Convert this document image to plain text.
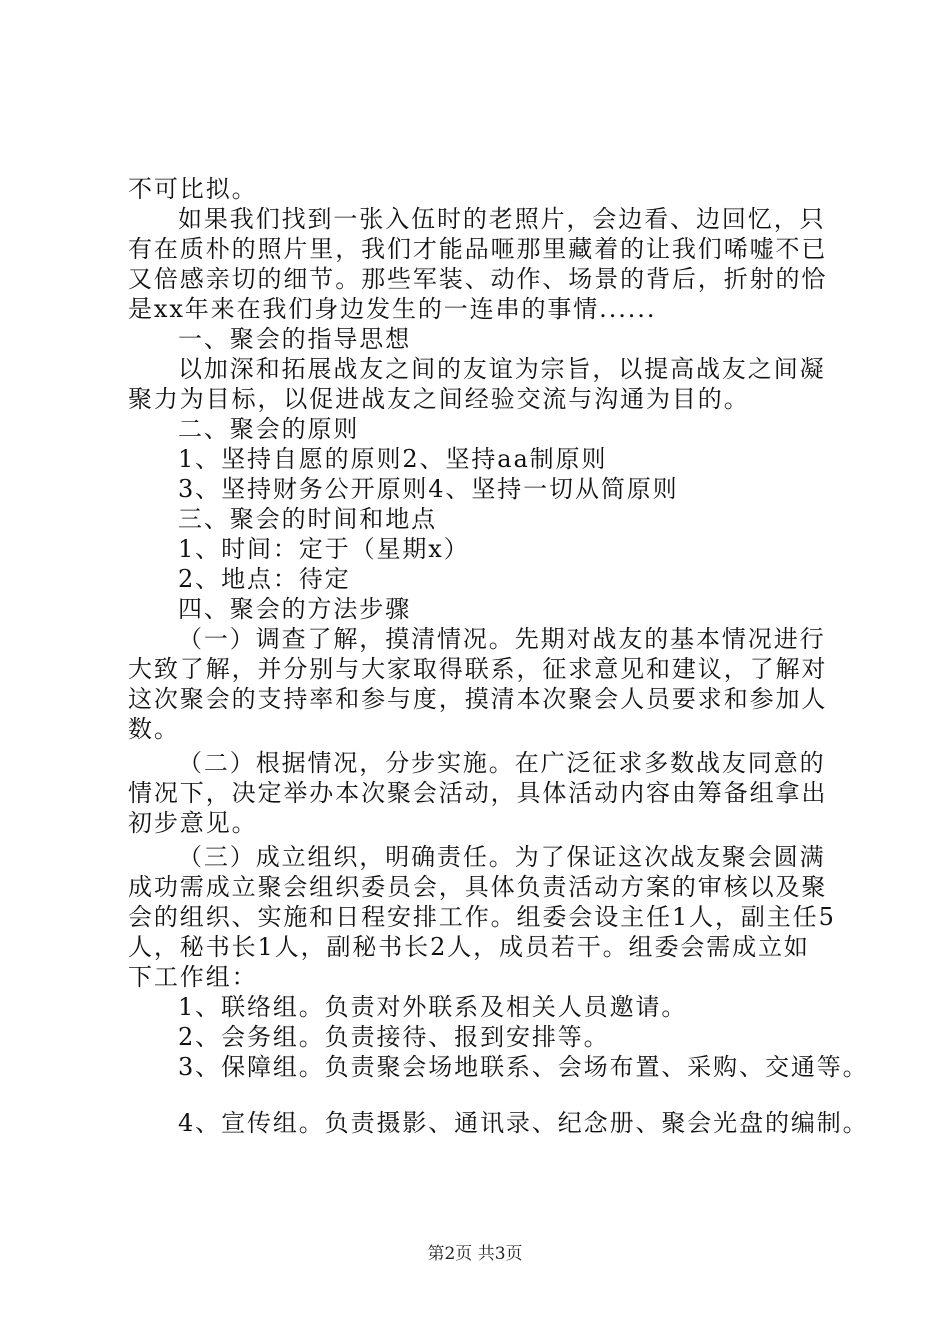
不可比拟。
如果我们找到一张入伍时的老照片，会边看、边回忆，只
有在质朴的照片里，我们才能品咂那里藏着的让我们唏嘘不已
又倍感亲切的细节。那些军装、动作、场景的背后，折射的恰
是xx年来在我们身边发生的一连串的事情......
一、聚会的指导思想
以加深和拓展战友之间的友谊为宗旨，以提高战友之间凝
聚力为目标，以促进战友之间经验交流与沟通为目的。
二、聚会的原则
1、坚持自愿的原则2、坚持aa制原则
3、坚持财务公开原则4、坚持一切从简原则
三、聚会的时间和地点
1、时间：定于（星期x）
2、地点：待定
四、聚会的方法步骤
（一）调查了解，摸清情况。先期对战友的基本情况进行
大致了解，并分别与大家取得联系，征求意见和建议，了解对
这次聚会的支持率和参与度，摸清本次聚会人员要求和参加人
数。
（二）根据情况，分步实施。在广泛征求多数战友同意的
情况下，决定举办本次聚会活动，具体活动内容由筹备组拿出
初步意见。
（三）成立组织，明确责任。为了保证这次战友聚会圆满
成功需成立聚会组织委员会，具体负责活动方案的审核以及聚
会的组织、实施和日程安排工作。组委会设主任1人，副主任5
人，秘书长1人，副秘书长2人，成员若干。组委会需成立如
下工作组：
1、联络组。负责对外联系及相关人员邀请。
2、会务组。负责接待、报到安排等。
3、保障组。负责聚会场地联系、会场布置、采购、交通等。
4、宣传组。负责摄影、通讯录、纪念册、聚会光盘的编制。
第2页 共3页
